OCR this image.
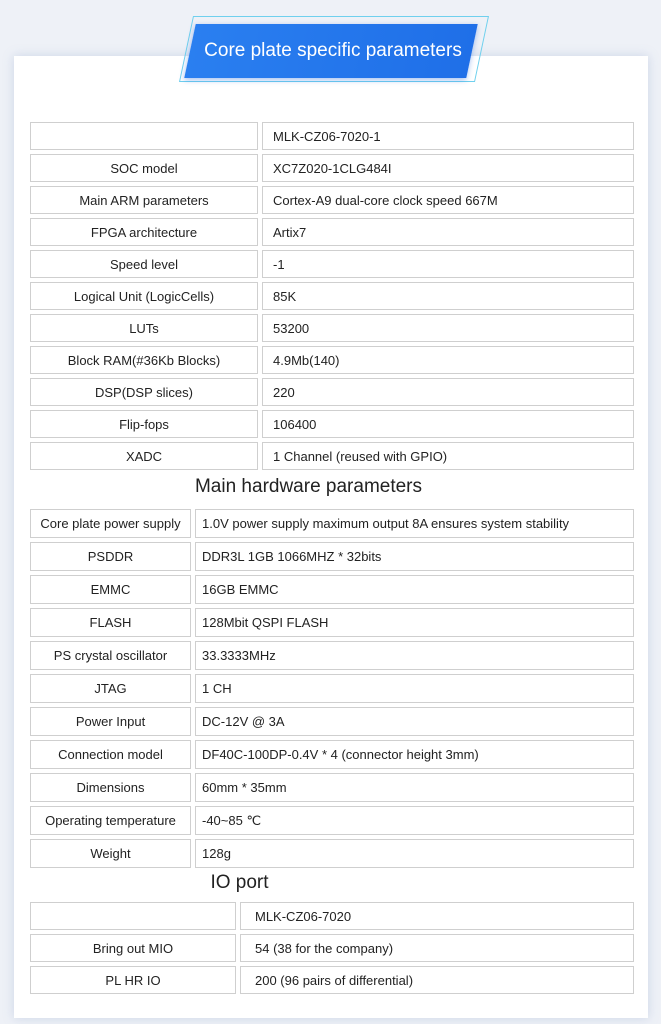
Core plate specific parameters
	MLK-CZ06-7020-1
SOC model	XC7Z020-1CLG484I
Main ARM parameters	Cortex-A9 dual-core clock speed 667M
FPGA architecture	Artix7
Speed level	-1
Logical Unit (LogicCells)	85K
LUTs	53200
Block RAM(#36Kb Blocks)	4.9Mb(140)
DSP(DSP slices)	220
Flip-fops	106400
XADC	1 Channel (reused with GPIO)
Main hardware parameters
Core plate power supply	1.0V power supply maximum output 8A ensures system stability
PSDDR	DDR3L 1GB 1066MHZ * 32bits
EMMC	16GB EMMC
FLASH	128Mbit QSPI FLASH
PS crystal oscillator	33.3333MHz
JTAG	1 CH
Power Input	DC-12V @ 3A
Connection model	DF40C-100DP-0.4V * 4 (connector height 3mm)
Dimensions	60mm * 35mm
Operating temperature	-40~85 ℃
Weight	128g
IO port
	MLK-CZ06-7020
Bring out MIO	54 (38 for the company)
PL HR IO	200 (96 pairs of differential)
